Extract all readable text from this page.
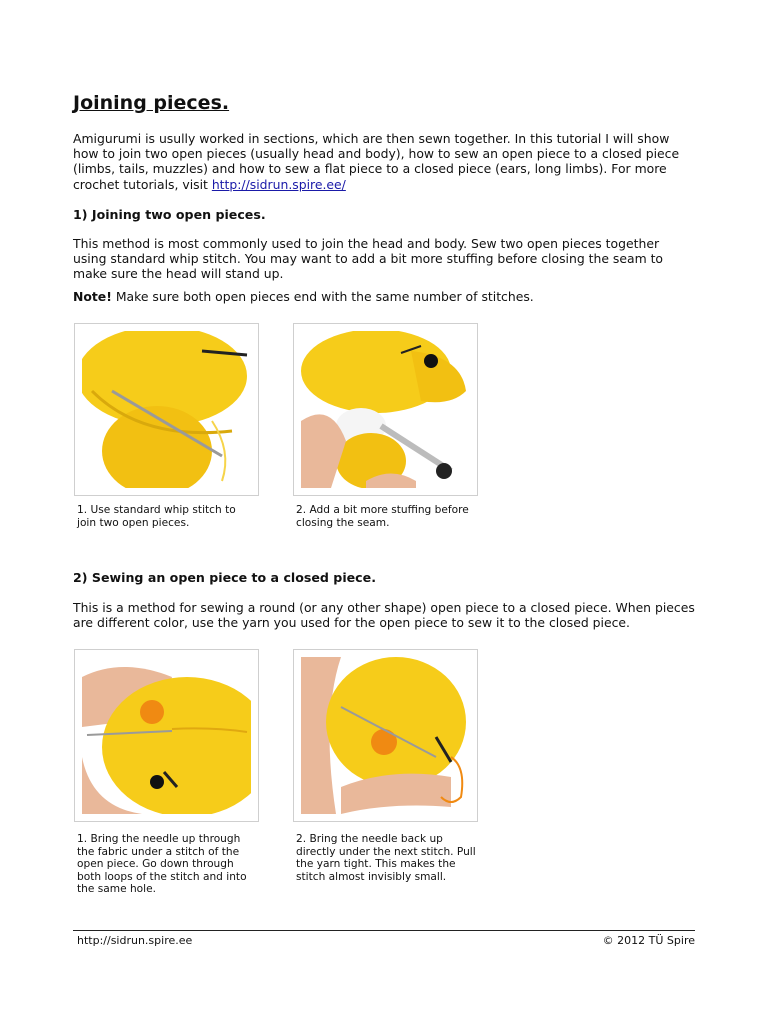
Joining pieces.

Amigurumi is usully worked in sections, which are then sewn together. In this tutorial I will show how to join two open pieces (usually head and body), how to sew an open piece to a closed piece (limbs, tails, muzzles) and how to sew a flat piece to a closed piece (ears, long limbs). For more crochet tutorials, visit http://sidrun.spire.ee/

1) Joining two open pieces.

This method is most commonly used to join the head and body. Sew two open pieces together using standard whip stitch. You may want to add a bit more stuffing before closing the seam to make sure the head will stand up.

Note! Make sure both open pieces end with the same number of stitches.

1. Use standard whip stitch to join two open pieces.

2. Add a bit more stuffing before closing the seam.

2) Sewing an open piece to a closed piece.

This is a method for sewing a round (or any other shape) open piece to a closed piece. When pieces are different color, use the yarn you used for the open piece to sew it to the closed piece.

1. Bring the needle up through the fabric under a stitch of the open piece. Go down through both loops of the stitch and into the same hole.

2. Bring the needle back up directly under the next stitch. Pull the yarn tight. This makes the stitch almost invisibly small.

http://sidrun.spire.ee	© 2012 TÜ Spire
